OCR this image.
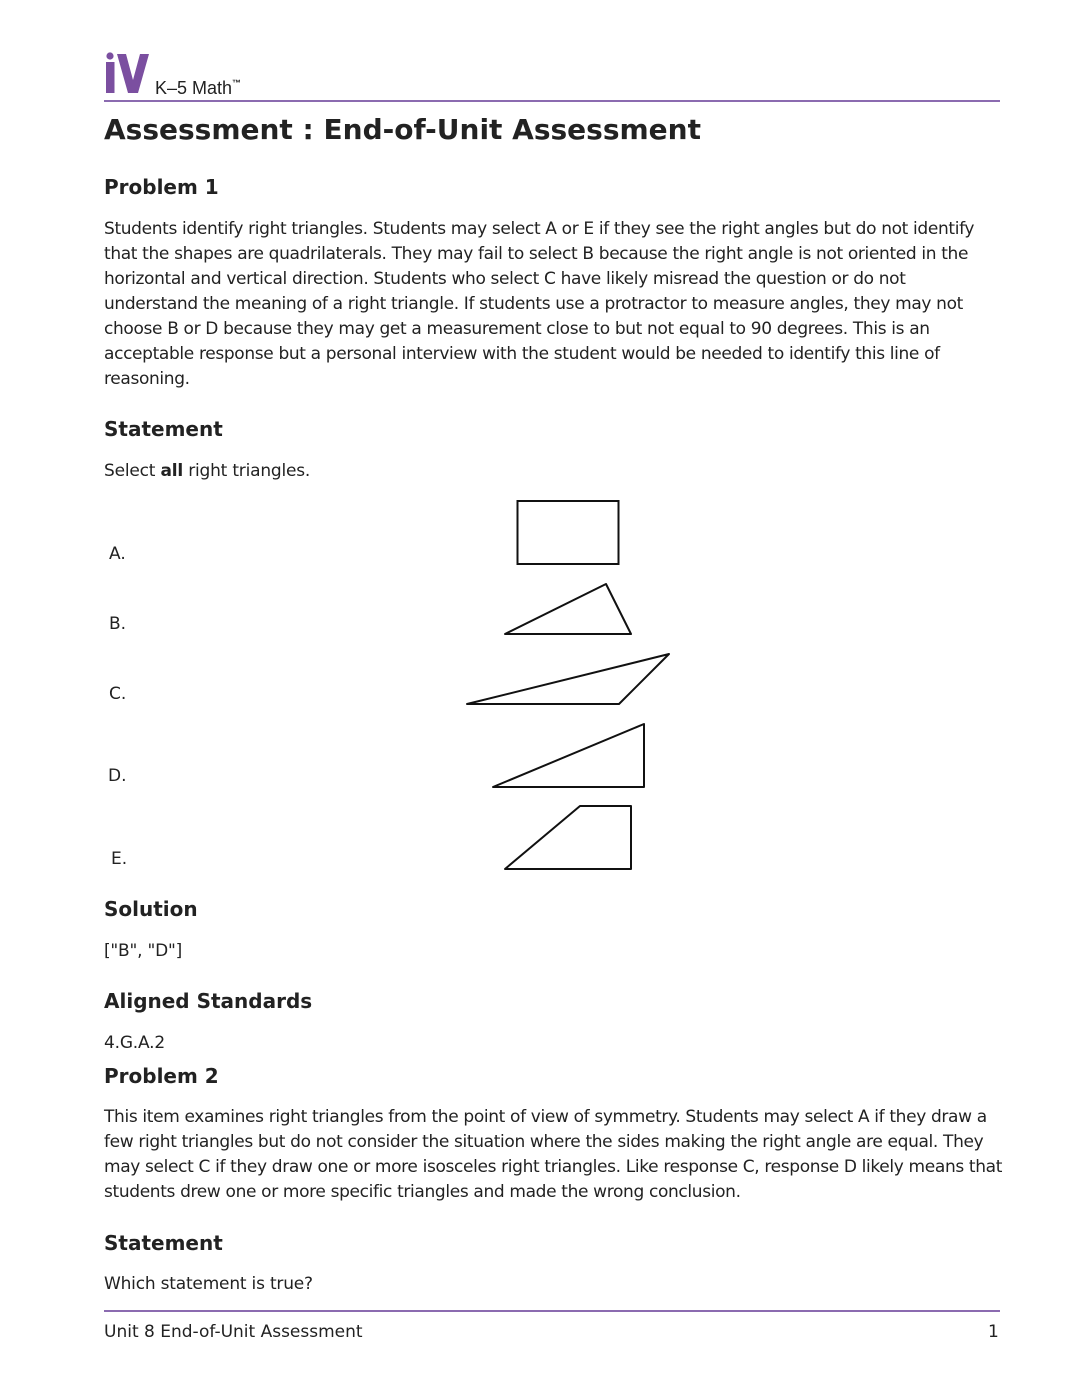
K–5 Math™
Assessment : End-of-Unit Assessment
Problem 1
Students identify right triangles. Students may select A or E if they see the right angles but do not identify that the shapes are quadrilaterals. They may fail to select B because the right angle is not oriented in the horizontal and vertical direction. Students who select C have likely misread the question or do not understand the meaning of a right triangle. If students use a protractor to measure angles, they may not choose B or D because they may get a measurement close to but not equal to 90 degrees. This is an acceptable response but a personal interview with the student would be needed to identify this line of reasoning.
Statement
Select all right triangles.
A.
B.
C.
D.
E.
Solution
["B", "D"]
Aligned Standards
4.G.A.2
Problem 2
This item examines right triangles from the point of view of symmetry. Students may select A if they draw a few right triangles but do not consider the situation where the sides making the right angle are equal. They may select C if they draw one or more isosceles right triangles. Like response C, response D likely means that students drew one or more specific triangles and made the wrong conclusion.
Statement
Which statement is true?
Unit 8 End-of-Unit Assessment	1
